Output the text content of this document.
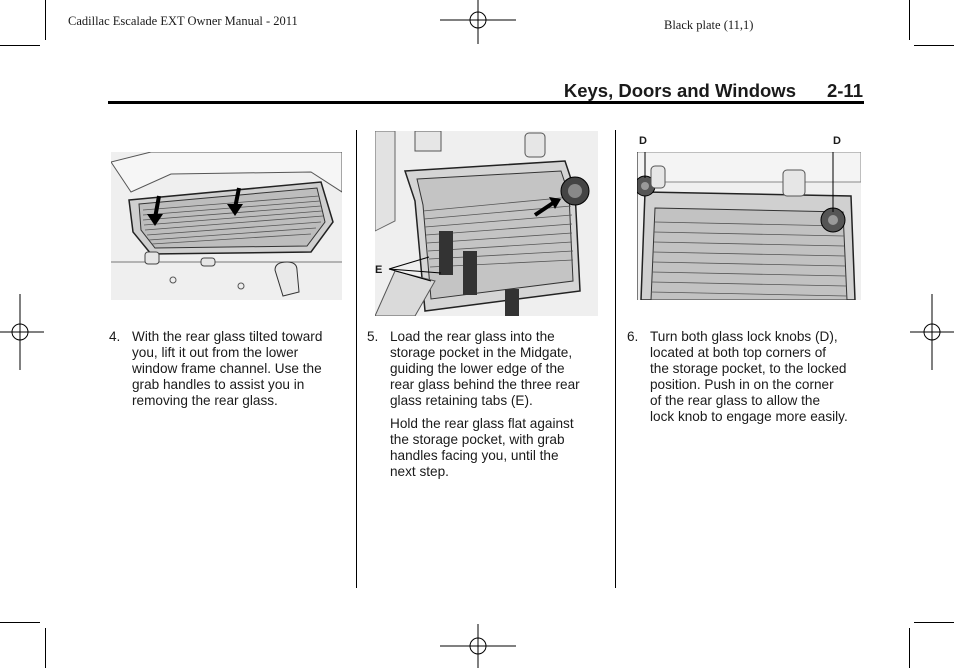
Cadillac Escalade EXT Owner Manual - 2011	Black plate (11,1)
Keys, Doors and Windows 2-11
E
D	D
4. With the rear glass tilted toward
you, lift it out from the lower
window frame channel. Use the
grab handles to assist you in
removing the rear glass.
5. Load the rear glass into the
storage pocket in the Midgate,
guiding the lower edge of the
rear glass behind the three rear
glass retaining tabs (E).
Hold the rear glass flat against
the storage pocket, with grab
handles facing you, until the
next step.
6. Turn both glass lock knobs (D),
located at both top corners of
the storage pocket, to the locked
position. Push in on the corner
of the rear glass to allow the
lock knob to engage more easily.
